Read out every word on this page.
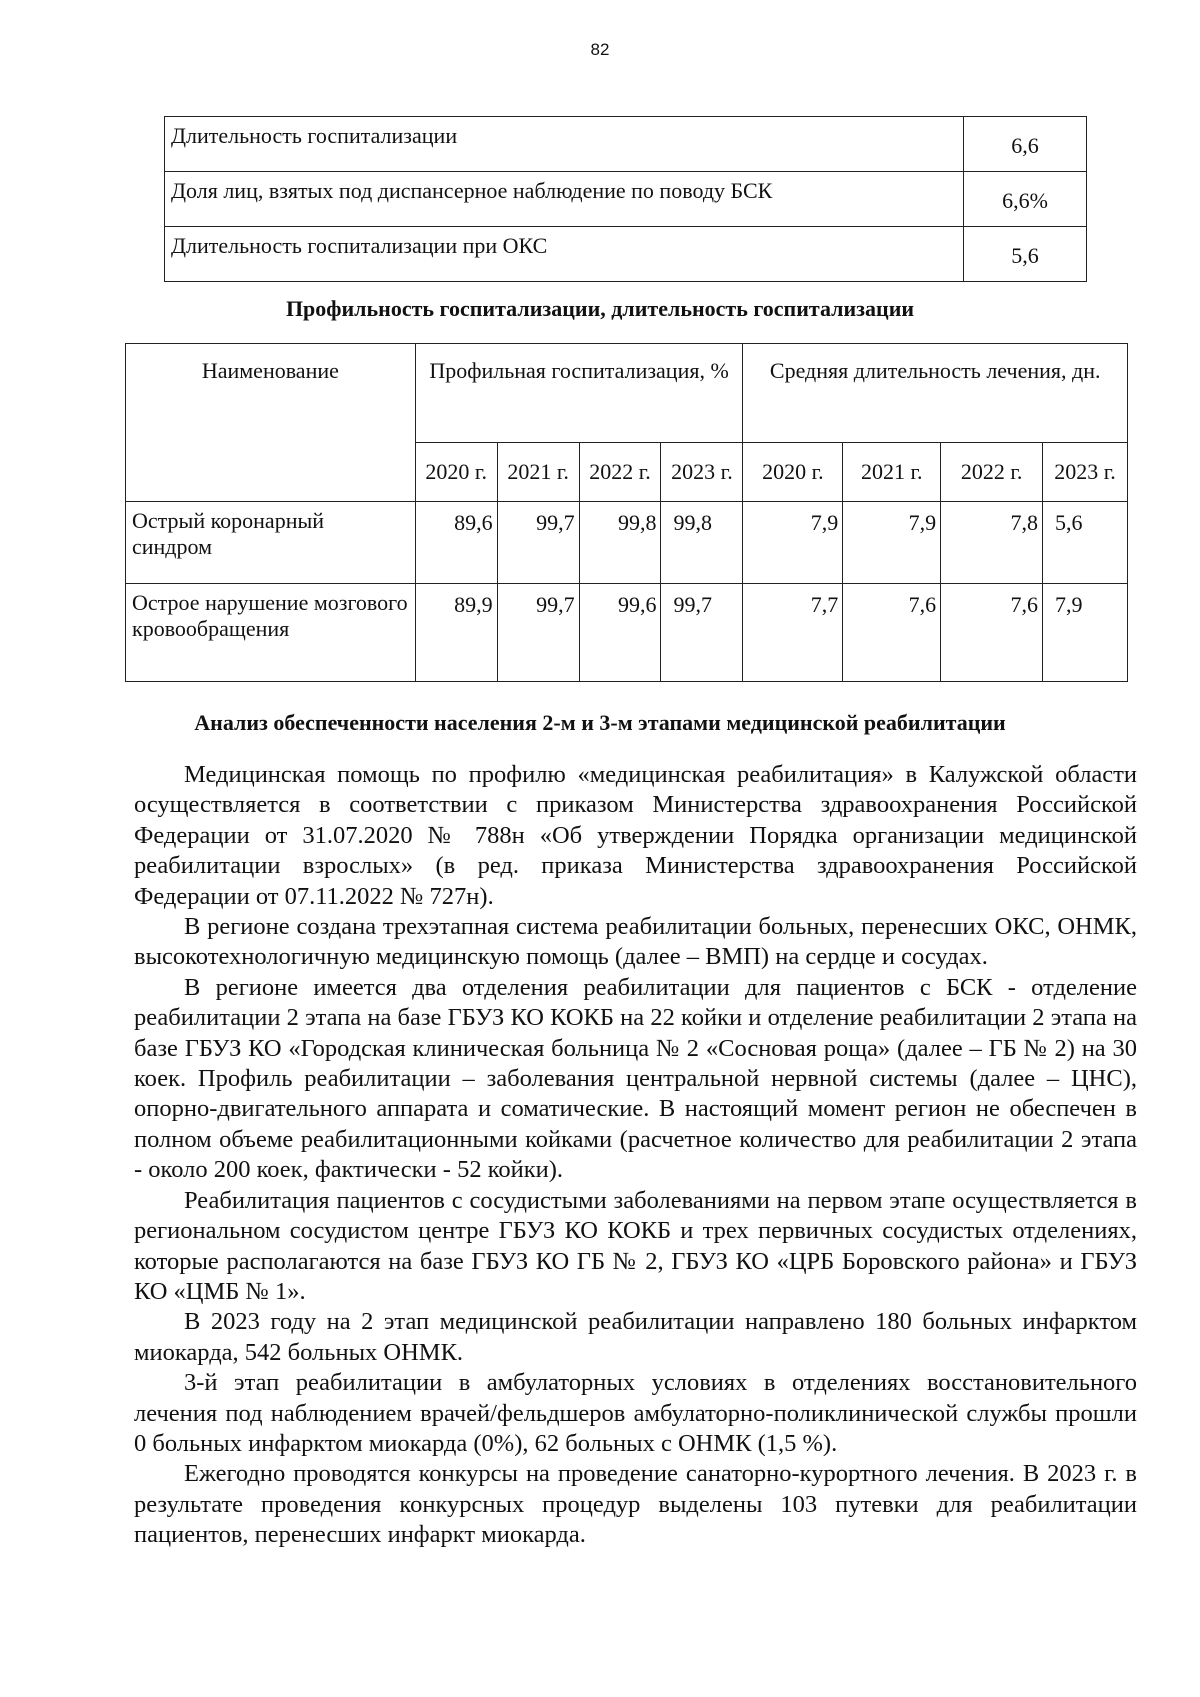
82
Длительность госпитализации	6,6
Доля лиц, взятых под диспансерное наблюдение по поводу БСК	6,6%
Длительность госпитализации при ОКС	5,6
Профильность госпитализации, длительность госпитализации
Наименование	Профильная госпитализация, %				Средняя длительность лечения, дн.			
	2020 г.	2021 г.	2022 г.	2023 г.	2020 г.	2021 г.	2022 г.	2023 г.
Острый коронарный синдром	89,6	99,7	99,8	99,8	7,9	7,9	7,8	5,6
Острое нарушение мозгового кровообращения	89,9	99,7	99,6	99,7	7,7	7,6	7,6	7,9
Анализ обеспеченности населения 2-м и 3-м этапами медицинской реабилитации

Медицинская помощь по профилю «медицинская реабилитация» в Калужской области осуществляется в соответствии с приказом Министерства здравоохранения Российской Федерации от 31.07.2020 № 788н «Об утверждении Порядка организации медицинской реабилитации взрослых» (в ред. приказа Министерства здравоохранения Российской Федерации от 07.11.2022 № 727н).

В регионе создана трехэтапная система реабилитации больных, перенесших ОКС, ОНМК, высокотехнологичную медицинскую помощь (далее – ВМП) на сердце и сосудах.

В регионе имеется два отделения реабилитации для пациентов с БСК - отделение реабилитации 2 этапа на базе ГБУЗ КО КОКБ на 22 койки и отделение реабилитации 2 этапа на базе ГБУЗ КО «Городская клиническая больница № 2 «Сосновая роща» (далее – ГБ № 2) на 30 коек. Профиль реабилитации – заболевания центральной нервной системы (далее – ЦНС), опорно-двигательного аппарата и соматические. В настоящий момент регион не обеспечен в полном объеме реабилитационными койками (расчетное количество для реабилитации 2 этапа - около 200 коек, фактически - 52 койки).

Реабилитация пациентов с сосудистыми заболеваниями на первом этапе осуществляется в региональном сосудистом центре ГБУЗ КО КОКБ и трех первичных сосудистых отделениях, которые располагаются на базе ГБУЗ КО ГБ № 2, ГБУЗ КО «ЦРБ Боровского района» и ГБУЗ КО «ЦМБ № 1».

В 2023 году на 2 этап медицинской реабилитации направлено 180 больных инфарктом миокарда, 542 больных ОНМК.

3-й этап реабилитации в амбулаторных условиях в отделениях восстановительного лечения под наблюдением врачей/фельдшеров амбулаторно-поликлинической службы прошли 0 больных инфарктом миокарда (0%), 62 больных с ОНМК (1,5 %).

Ежегодно проводятся конкурсы на проведение санаторно-курортного лечения. В 2023 г. в результате проведения конкурсных процедур выделены 103 путевки для реабилитации пациентов, перенесших инфаркт миокарда.
